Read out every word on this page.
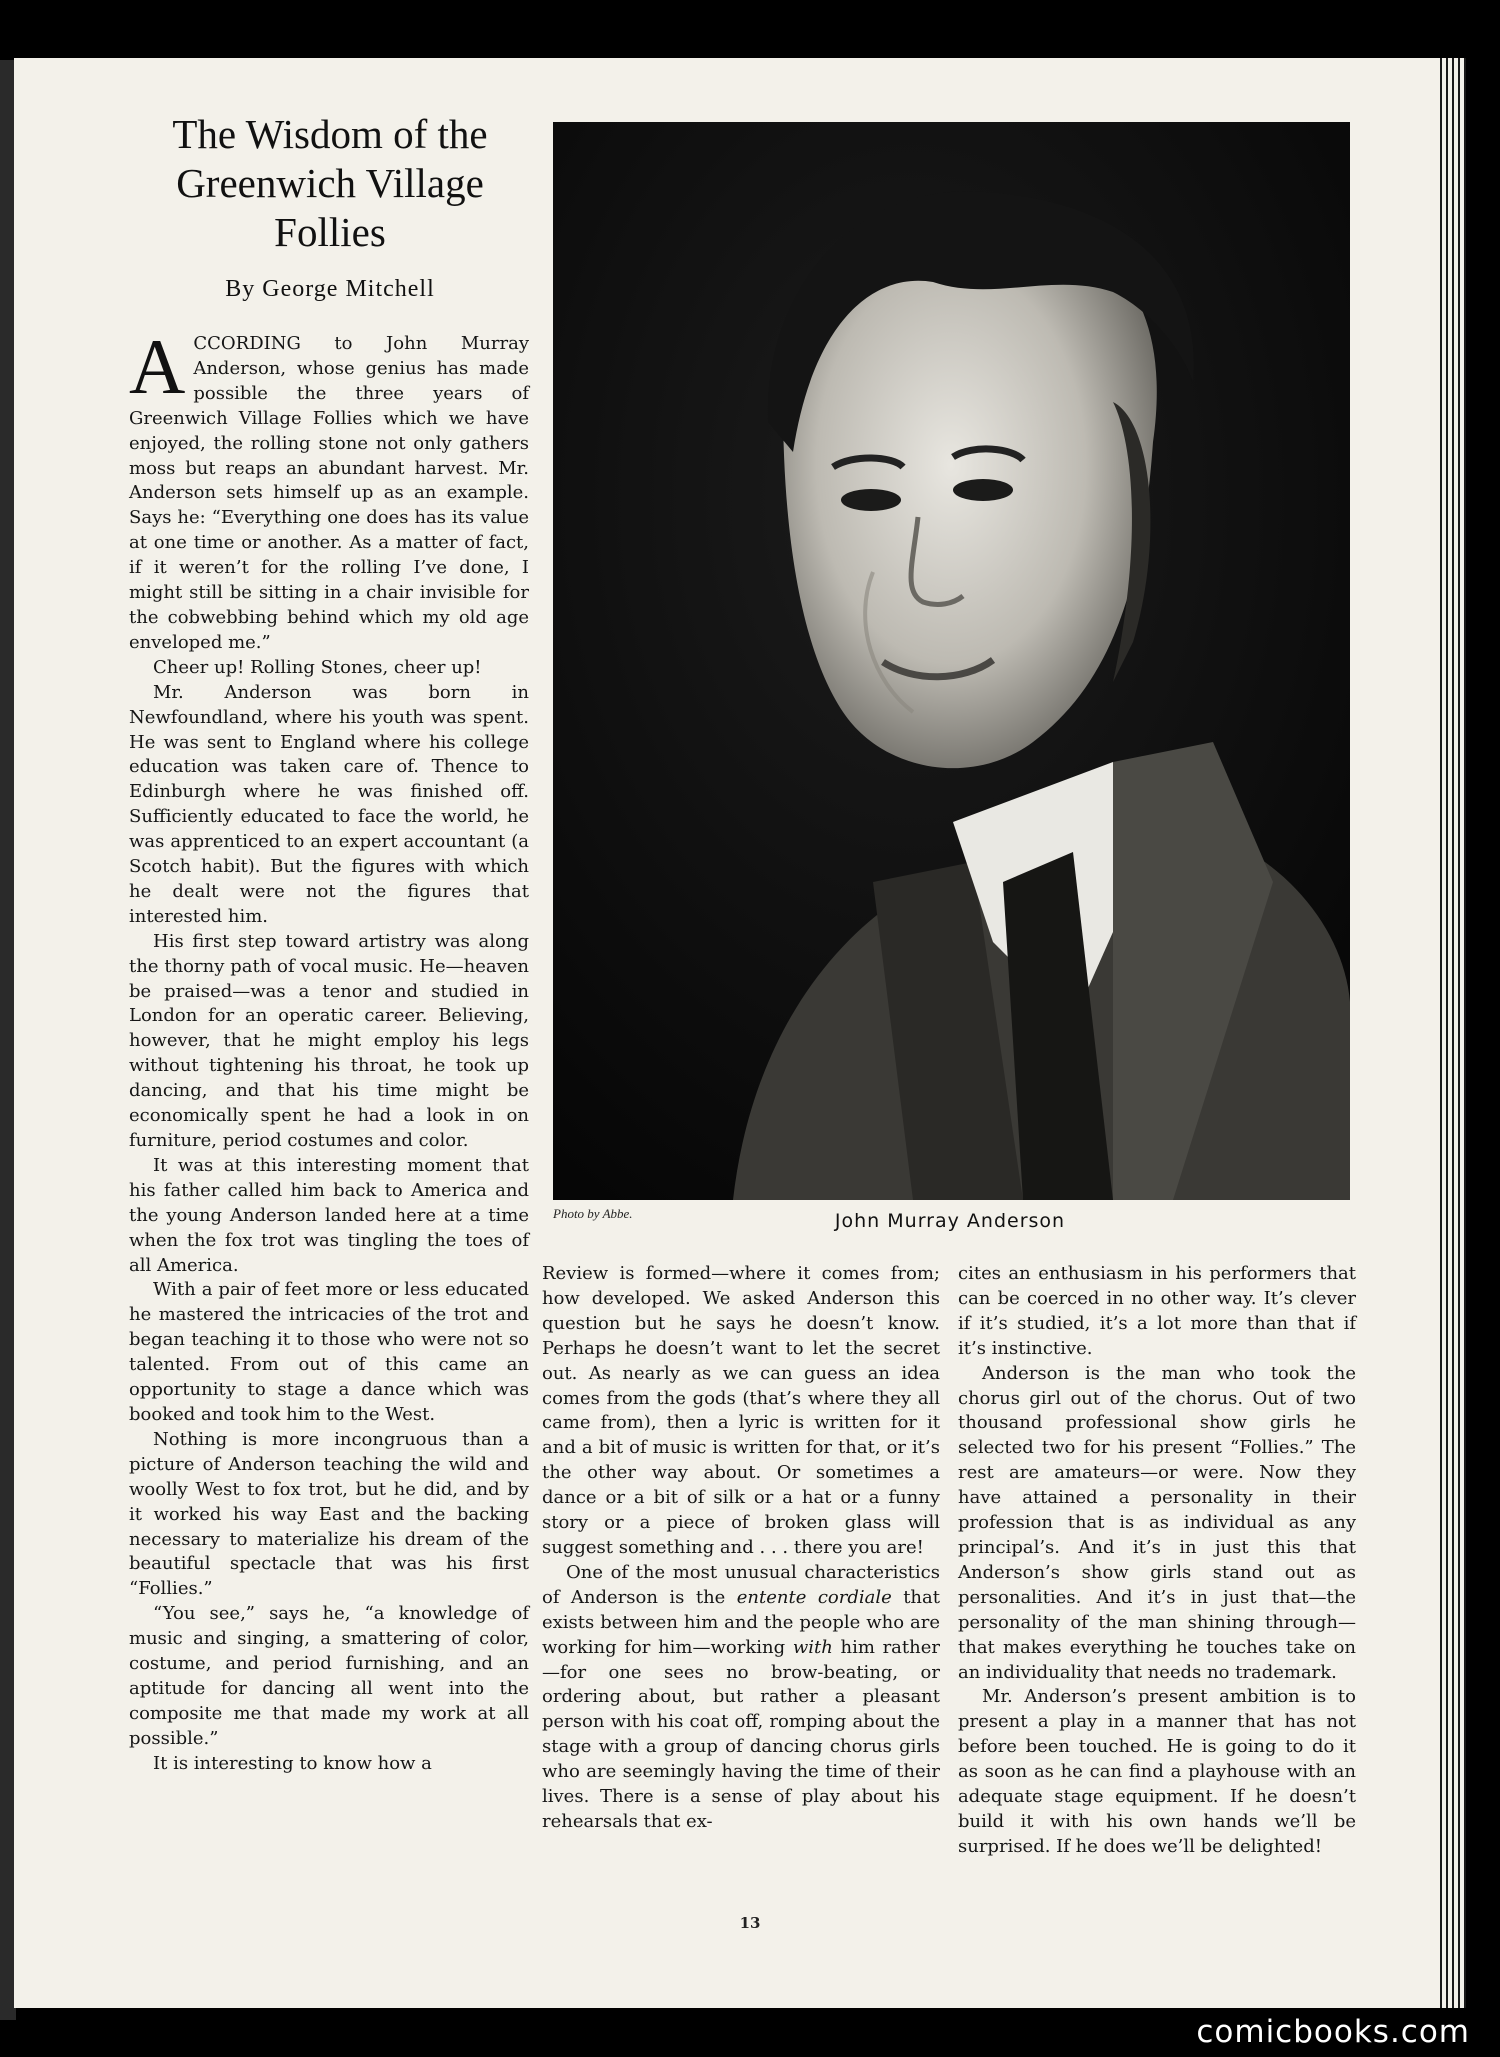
The Wisdom of the
Greenwich Village
Follies
By George Mitchell

ACCORDING to John Murray Anderson, whose genius has made possible the three years of Greenwich Village Follies which we have enjoyed, the rolling stone not only gathers moss but reaps an abundant harvest. Mr. Anderson sets himself up as an example. Says he: “Everything one does has its value at one time or another. As a matter of fact, if it weren’t for the rolling I’ve done, I might still be sitting in a chair invisible for the cobwebbing behind which my old age enveloped me.”

Cheer up! Rolling Stones, cheer up!

Mr. Anderson was born in Newfoundland, where his youth was spent. He was sent to England where his college education was taken care of. Thence to Edinburgh where he was finished off. Sufficiently educated to face the world, he was apprenticed to an expert accountant (a Scotch habit). But the figures with which he dealt were not the figures that interested him.

His first step toward artistry was along the thorny path of vocal music. He—heaven be praised—was a tenor and studied in London for an operatic career. Believing, however, that he might employ his legs without tightening his throat, he took up dancing, and that his time might be economically spent he had a look in on furniture, period costumes and color.

It was at this interesting moment that his father called him back to America and the young Anderson landed here at a time when the fox trot was tingling the toes of all America.

With a pair of feet more or less educated he mastered the intricacies of the trot and began teaching it to those who were not so talented. From out of this came an opportunity to stage a dance which was booked and took him to the West.

Nothing is more incongruous than a picture of Anderson teaching the wild and woolly West to fox trot, but he did, and by it worked his way East and the backing necessary to materialize his dream of the beautiful spectacle that was his first “Follies.”

“You see,” says he, “a knowledge of music and singing, a smattering of color, costume, and period furnishing, and an aptitude for dancing all went into the composite me that made my work at all possible.”

It is interesting to know how a

Photo by Abbe.	John Murray Anderson

Review is formed—where it comes from; how developed. We asked Anderson this question but he says he doesn’t know. Perhaps he doesn’t want to let the secret out. As nearly as we can guess an idea comes from the gods (that’s where they all came from), then a lyric is written for it and a bit of music is written for that, or it’s the other way about. Or sometimes a dance or a bit of silk or a hat or a funny story or a piece of broken glass will suggest something and . . . there you are!

One of the most unusual characteristics of Anderson is the entente cordiale that exists between him and the people who are working for him—working with him rather—for one sees no brow-beating, or ordering about, but rather a pleasant person with his coat off, romping about the stage with a group of dancing chorus girls who are seemingly having the time of their lives. There is a sense of play about his rehearsals that ex-

cites an enthusiasm in his performers that can be coerced in no other way. It’s clever if it’s studied, it’s a lot more than that if it’s instinctive.

Anderson is the man who took the chorus girl out of the chorus. Out of two thousand professional show girls he selected two for his present “Follies.” The rest are amateurs—or were. Now they have attained a personality in their profession that is as individual as any principal’s. And it’s in just this that Anderson’s show girls stand out as personalities. And it’s in just that—the personality of the man shining through—that makes everything he touches take on an individuality that needs no trademark.

Mr. Anderson’s present ambition is to present a play in a manner that has not before been touched. He is going to do it as soon as he can find a playhouse with an adequate stage equipment. If he doesn’t build it with his own hands we’ll be surprised. If he does we’ll be delighted!

13
comicbooks.com
